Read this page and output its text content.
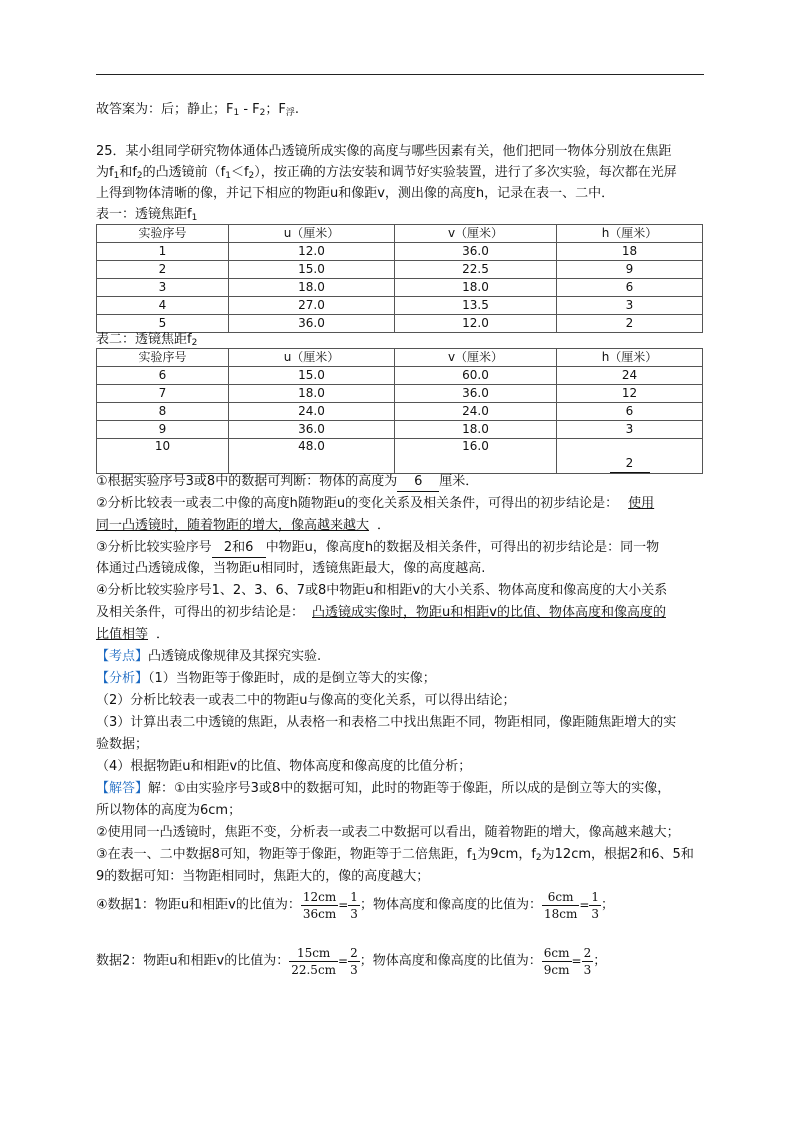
故答案为：后；静止；$F_1 - F_2$；$F_浮$.
25．某小组同学研究物体通体凸透镜所成实像的高度与哪些因素有关，他们把同一物体分别放在焦距
为$f_1$和$f_2$的凸透镜前$(f_1<f_2)$，按正确的方法安装和调节好实验装置，进行了多次实验，每次都在光屏
上得到物体清晰的像，并记下相应的物距u和像距v，测出像的高度h，记录在表一、二中．
表一：透镜焦距$f_1$
实验序号	u（厘米）	v（厘米）	h（厘米）
1	12.0	36.0	18
2	15.0	22.5	9
3	18.0	18.0	6
4	27.0	13.5	3
5	36.0	12.0	2
表二：透镜焦距$f_2$
实验序号	u（厘米）	v（厘米）	h（厘米）
6	15.0	60.0	24
7	18.0	36.0	12
8	24.0	24.0	6
9	36.0	18.0	3
10	48.0	16.0	2
①根据实验序号3或8中的数据可判断：物体的高度为 6 厘米．
②分析比较表一或表二中像的高度h随物距u的变化关系及相关条件，可得出的初步结论是： 使用
同一凸透镜时，随着物距的增大，像高越来越大 ．
③分析比较实验序号 2和6 中物距u，像高度h的数据及相关条件，可得出的初步结论是：同一物
体通过凸透镜成像，当物距u相同时，透镜焦距最大，像的高度越高.
④分析比较实验序号1、2、3、6、7或8中物距u和相距v的大小关系、物体高度和像高度的大小关系
及相关条件，可得出的初步结论是： 凸透镜成实像时，物距u和相距v的比值、物体高度和像高度的
比值相等 ．
【考点】凸透镜成像规律及其探究实验.
【分析】（1）当物距等于像距时，成的是倒立等大的实像；
（2）分析比较表一或表二中的物距u与像高的变化关系，可以得出结论；
（3）计算出表二中透镜的焦距，从表格一和表格二中找出焦距不同，物距相同，像距随焦距增大的实
验数据；
（4）根据物距u和相距v的比值、物体高度和像高度的比值分析；
【解答】解：①由实验序号3或8中的数据可知，此时的物距等于像距，所以成的是倒立等大的实像，
所以物体的高度为6cm；
②使用同一凸透镜时，焦距不变，分析表一或表二中数据可以看出，随着物距的增大，像高越来越大；
③在表一、二中数据8可知，物距等于像距，物距等于二倍焦距，$f_1$为9cm，$f_2$为12cm，根据2和6、5和
9的数据可知：当物距相同时，焦距大的，像的高度越大；
④数据1：物距u和相距v的比值为： $\frac{12cm}{36cm} = \frac{1}{3}$ ；物体高度和像高度的比值为： $\frac{6cm}{18cm} = \frac{1}{3}$ ；
数据2：物距u和相距v的比值为： $\frac{15cm}{22.5cm} = \frac{2}{3}$ ；物体高度和像高度的比值为： $\frac{6cm}{9cm} = \frac{2}{3}$ ；
